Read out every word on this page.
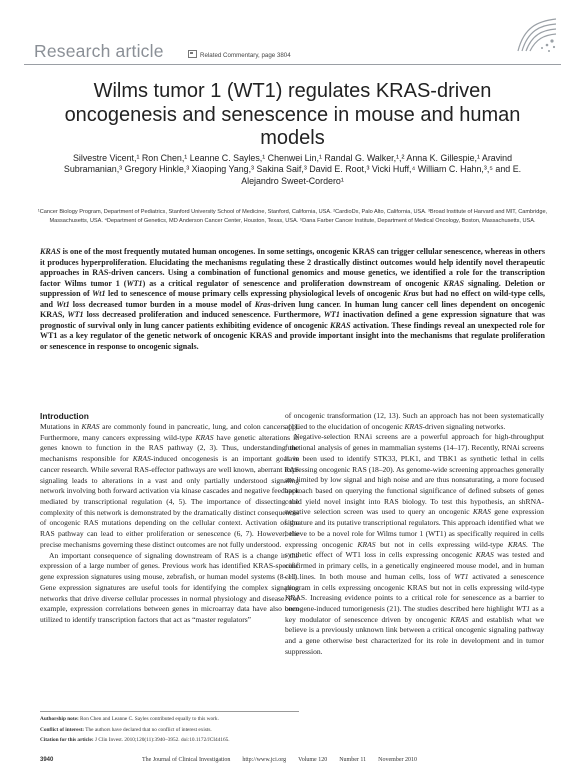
Research article	Related Commentary, page 3804
Wilms tumor 1 (WT1) regulates KRAS-driven oncogenesis and senescence in mouse and human models

Silvestre Vicent,¹ Ron Chen,¹ Leanne C. Sayles,¹ Chenwei Lin,¹ Randal G. Walker,¹,² Anna K. Gillespie,¹ Aravind Subramanian,³ Gregory Hinkle,³ Xiaoping Yang,³ Sakina Saif,³ David E. Root,³ Vicki Huff,⁴ William C. Hahn,³,⁵ and E. Alejandro Sweet-Cordero¹

¹Cancer Biology Program, Department of Pediatrics, Stanford University School of Medicine, Stanford, California, USA. ²CardioDx, Palo Alto, California, USA. ³Broad Institute of Harvard and MIT, Cambridge, Massachusetts, USA. ⁴Department of Genetics, MD Anderson Cancer Center, Houston, Texas, USA. ⁵Dana Farber Cancer Institute, Department of Medical Oncology, Boston, Massachusetts, USA.

KRAS is one of the most frequently mutated human oncogenes. In some settings, oncogenic KRAS can trigger cellular senescence, whereas in others it produces hyperproliferation. Elucidating the mechanisms regulating these 2 drastically distinct outcomes would help identify novel therapeutic approaches in RAS-driven cancers. Using a combination of functional genomics and mouse genetics, we identified a role for the transcription factor Wilms tumor 1 (WT1) as a critical regulator of senescence and proliferation downstream of oncogenic KRAS signaling. Deletion or suppression of Wt1 led to senescence of mouse primary cells expressing physiological levels of oncogenic Kras but had no effect on wild-type cells, and Wt1 loss decreased tumor burden in a mouse model of Kras-driven lung cancer. In human lung cancer cell lines dependent on oncogenic KRAS, WT1 loss decreased proliferation and induced senescence. Furthermore, WT1 inactivation defined a gene expression signature that was prognostic of survival only in lung cancer patients exhibiting evidence of oncogenic KRAS activation. These findings reveal an unexpected role for WT1 as a key regulator of the genetic network of oncogenic KRAS and provide important insight into the mechanisms that regulate proliferation or senescence in response to oncogenic signals.

Introduction

Mutations in KRAS are commonly found in pancreatic, lung, and colon cancers (1). Furthermore, many cancers expressing wild-type KRAS have genetic alterations in genes known to function in the RAS pathway (2, 3). Thus, understanding the mechanisms responsible for KRAS-induced oncogenesis is an important goal in cancer research. While several RAS-effector pathways are well known, aberrant RAS signaling leads to alterations in a vast and only partially understood signaling network involving both forward activation via kinase cascades and negative feedback mediated by transcriptional regulation (4, 5). The importance of dissecting the complexity of this network is demonstrated by the dramatically distinct consequences of oncogenic RAS mutations depending on the cellular context. Activation of the RAS pathway can lead to either proliferation or senescence (6, 7). However, the precise mechanisms governing these distinct outcomes are not fully understood.

An important consequence of signaling downstream of RAS is a change in the expression of a large number of genes. Previous work has identified KRAS-specific gene expression signatures using mouse, zebrafish, or human model systems (8–11). Gene expression signatures are useful tools for identifying the complex signaling networks that drive diverse cellular processes in normal physiology and disease. For example, expression correlations between genes in microarray data have also been utilized to identify transcription factors that act as “master regulators”

of oncogenic transformation (12, 13). Such an approach has not been systematically applied to the elucidation of oncogenic KRAS-driven signaling networks.

Negative-selection RNAi screens are a powerful approach for high-throughput functional analysis of genes in mammalian systems (14–17). Recently, RNAi screens have been used to identify STK33, PLK1, and TBK1 as synthetic lethal in cells expressing oncogenic RAS (18–20). As genome-wide screening approaches generally are limited by low signal and high noise and are thus nonsaturating, a more focused approach based on querying the functional significance of defined subsets of genes could yield novel insight into RAS biology. To test this hypothesis, an shRNA-negative selection screen was used to query an oncogenic KRAS gene expression signature and its putative transcriptional regulators. This approach identified what we believe to be a novel role for Wilms tumor 1 (WT1) as specifically required in cells expressing oncogenic KRAS but not in cells expressing wild-type KRAS. The synthetic effect of WT1 loss in cells expressing oncogenic KRAS was tested and confirmed in primary cells, in a genetically engineered mouse model, and in human cell lines. In both mouse and human cells, loss of WT1 activated a senescence program in cells expressing oncogenic KRAS but not in cells expressing wild-type KRAS. Increasing evidence points to a critical role for senescence as a barrier to oncogene-induced tumorigenesis (21). The studies described here highlight WT1 as a key modulator of senescence driven by oncogenic KRAS and establish what we believe is a previously unknown link between a critical oncogenic signaling pathway and a gene otherwise best characterized for its role in development and in tumor suppression.

Authorship note: Ron Chen and Leanne C. Sayles contributed equally to this work.

Conflict of interest: The authors have declared that no conflict of interest exists.

Citation for this article: J Clin Invest. 2010;120(11):3940–3952. doi:10.1172/JCI44165.

3940	The Journal of Clinical Investigation http://www.jci.org Volume 120 Number 11 November 2010
